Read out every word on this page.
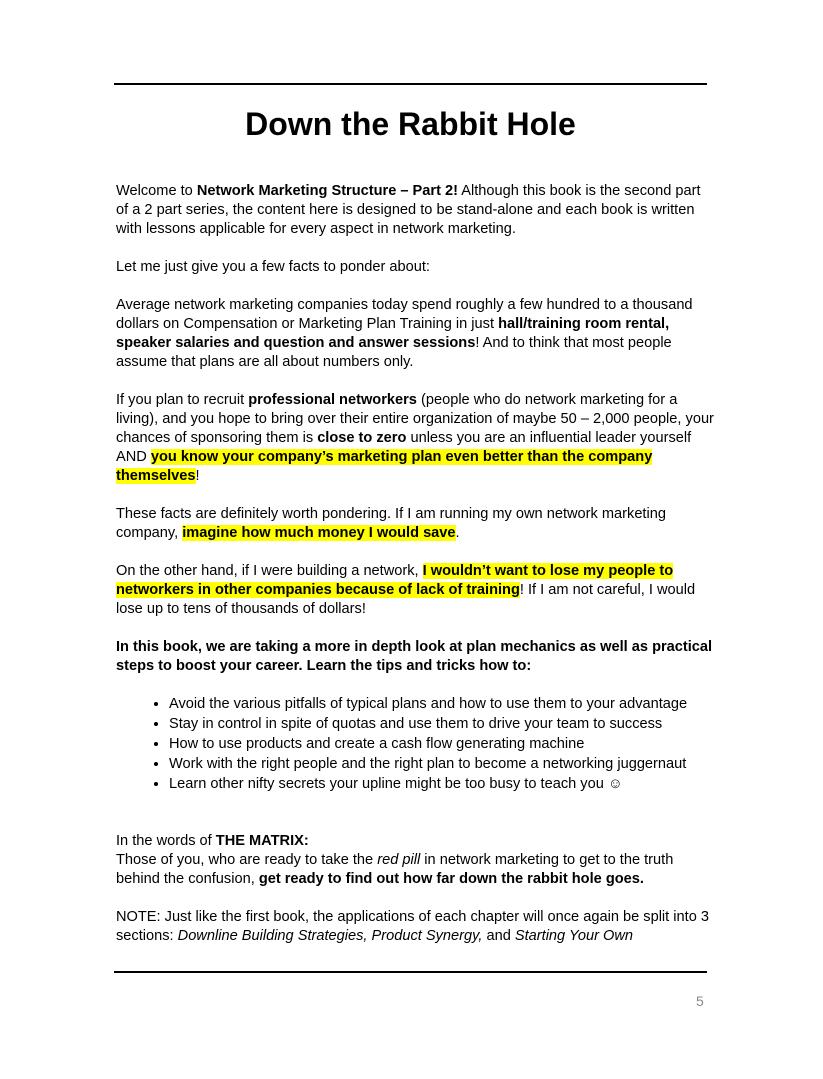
Down the Rabbit Hole

Welcome to Network Marketing Structure – Part 2! Although this book is the second part of a 2 part series, the content here is designed to be stand-alone and each book is written with lessons applicable for every aspect in network marketing.

Let me just give you a few facts to ponder about:

Average network marketing companies today spend roughly a few hundred to a thousand dollars on Compensation or Marketing Plan Training in just hall/training room rental, speaker salaries and question and answer sessions! And to think that most people assume that plans are all about numbers only.

If you plan to recruit professional networkers (people who do network marketing for a living), and you hope to bring over their entire organization of maybe 50 – 2,000 people, your chances of sponsoring them is close to zero unless you are an influential leader yourself AND you know your company’s marketing plan even better than the company themselves!

These facts are definitely worth pondering. If I am running my own network marketing company, imagine how much money I would save.

On the other hand, if I were building a network, I wouldn’t want to lose my people to networkers in other companies because of lack of training! If I am not careful, I would lose up to tens of thousands of dollars!

In this book, we are taking a more in depth look at plan mechanics as well as practical steps to boost your career. Learn the tips and tricks how to:

• Avoid the various pitfalls of typical plans and how to use them to your advantage
• Stay in control in spite of quotas and use them to drive your team to success
• How to use products and create a cash flow generating machine
• Work with the right people and the right plan to become a networking juggernaut
• Learn other nifty secrets your upline might be too busy to teach you ☺

In the words of THE MATRIX:

Those of you, who are ready to take the red pill in network marketing to get to the truth behind the confusion, get ready to find out how far down the rabbit hole goes.

NOTE: Just like the first book, the applications of each chapter will once again be split into 3 sections: Downline Building Strategies, Product Synergy, and Starting Your Own

5
